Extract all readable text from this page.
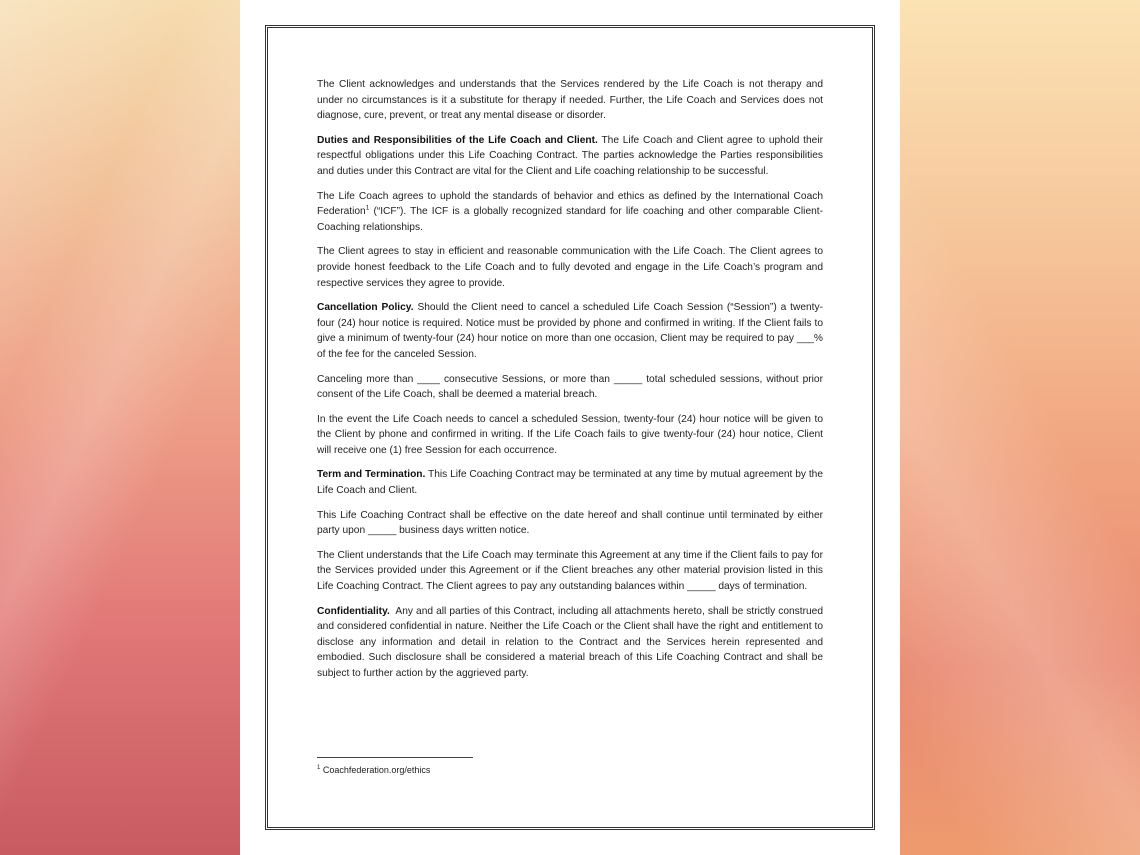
The Client acknowledges and understands that the Services rendered by the Life Coach is not therapy and under no circumstances is it a substitute for therapy if needed. Further, the Life Coach and Services does not diagnose, cure, prevent, or treat any mental disease or disorder.

Duties and Responsibilities of the Life Coach and Client. The Life Coach and Client agree to uphold their respectful obligations under this Life Coaching Contract. The parties acknowledge the Parties responsibilities and duties under this Contract are vital for the Client and Life coaching relationship to be successful.

The Life Coach agrees to uphold the standards of behavior and ethics as defined by the International Coach Federation$^1$ (“ICF”). The ICF is a globally recognized standard for life coaching and other comparable Client-Coaching relationships.

The Client agrees to stay in efficient and reasonable communication with the Life Coach. The Client agrees to provide honest feedback to the Life Coach and to fully devoted and engage in the Life Coach’s program and respective services they agree to provide.

Cancellation Policy. Should the Client need to cancel a scheduled Life Coach Session (“Session”) a twenty-four (24) hour notice is required. Notice must be provided by phone and confirmed in writing. If the Client fails to give a minimum of twenty-four (24) hour notice on more than one occasion, Client may be required to pay ___% of the fee for the canceled Session.

Canceling more than ____ consecutive Sessions, or more than _____ total scheduled sessions, without prior consent of the Life Coach, shall be deemed a material breach.

In the event the Life Coach needs to cancel a scheduled Session, twenty-four (24) hour notice will be given to the Client by phone and confirmed in writing. If the Life Coach fails to give twenty-four (24) hour notice, Client will receive one (1) free Session for each occurrence.

Term and Termination. This Life Coaching Contract may be terminated at any time by mutual agreement by the Life Coach and Client.

This Life Coaching Contract shall be effective on the date hereof and shall continue until terminated by either party upon _____ business days written notice.

The Client understands that the Life Coach may terminate this Agreement at any time if the Client fails to pay for the Services provided under this Agreement or if the Client breaches any other material provision listed in this Life Coaching Contract. The Client agrees to pay any outstanding balances within _____ days of termination.

Confidentiality. Any and all parties of this Contract, including all attachments hereto, shall be strictly construed and considered confidential in nature. Neither the Life Coach or the Client shall have the right and entitlement to disclose any information and detail in relation to the Contract and the Services herein represented and embodied. Such disclosure shall be considered a material breach of this Life Coaching Contract and shall be subject to further action by the aggrieved party.

$^1$ Coachfederation.org/ethics
